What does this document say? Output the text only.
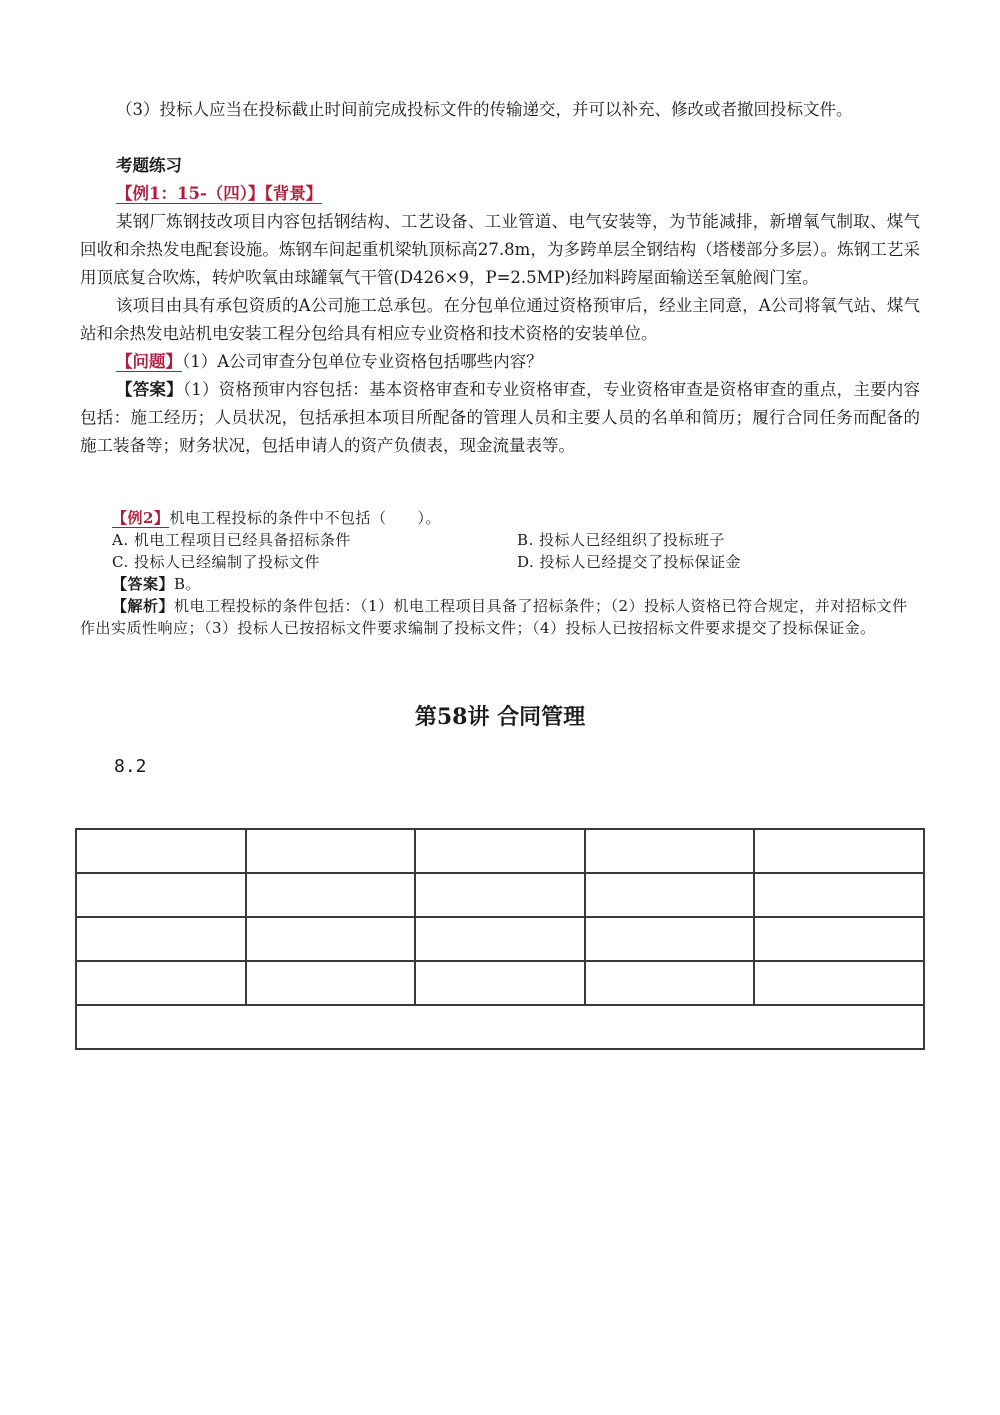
（3）投标人应当在投标截止时间前完成投标文件的传输递交，并可以补充、修改或者撤回投标文件。

考题练习

【例1：15-（四）】【背景】

某钢厂炼钢技改项目内容包括钢结构、工艺设备、工业管道、电气安装等，为节能减排，新增氧气制取、煤气回收和余热发电配套设施。炼钢车间起重机梁轨顶标高27.8m，为多跨单层全钢结构（塔楼部分多层）。炼钢工艺采用顶底复合吹炼，转炉吹氧由球罐氧气干管(D426×9，P=2.5MP)经加料跨屋面输送至氧舱阀门室。

该项目由具有承包资质的A公司施工总承包。在分包单位通过资格预审后，经业主同意，A公司将氧气站、煤气站和余热发电站机电安装工程分包给具有相应专业资格和技术资格的安装单位。

【问题】（1）A公司审查分包单位专业资格包括哪些内容？

【答案】（1）资格预审内容包括：基本资格审查和专业资格审查，专业资格审查是资格审查的重点，主要内容包括：施工经历；人员状况，包括承担本项目所配备的管理人员和主要人员的名单和简历；履行合同任务而配备的施工装备等；财务状况，包括申请人的资产负债表，现金流量表等。

【例2】机电工程投标的条件中不包括（　　）。
A. 机电工程项目已经具备招标条件	B. 投标人已经组织了投标班子
C. 投标人已经编制了投标文件	D. 投标人已经提交了投标保证金
【答案】B。
【解析】机电工程投标的条件包括：（1）机电工程项目具备了招标条件；（2）投标人资格已符合规定，并对招标文件作出实质性响应；（3）投标人已按招标文件要求编制了投标文件；（4）投标人已按招标文件要求提交了投标保证金。
第58讲 合同管理
8.2
